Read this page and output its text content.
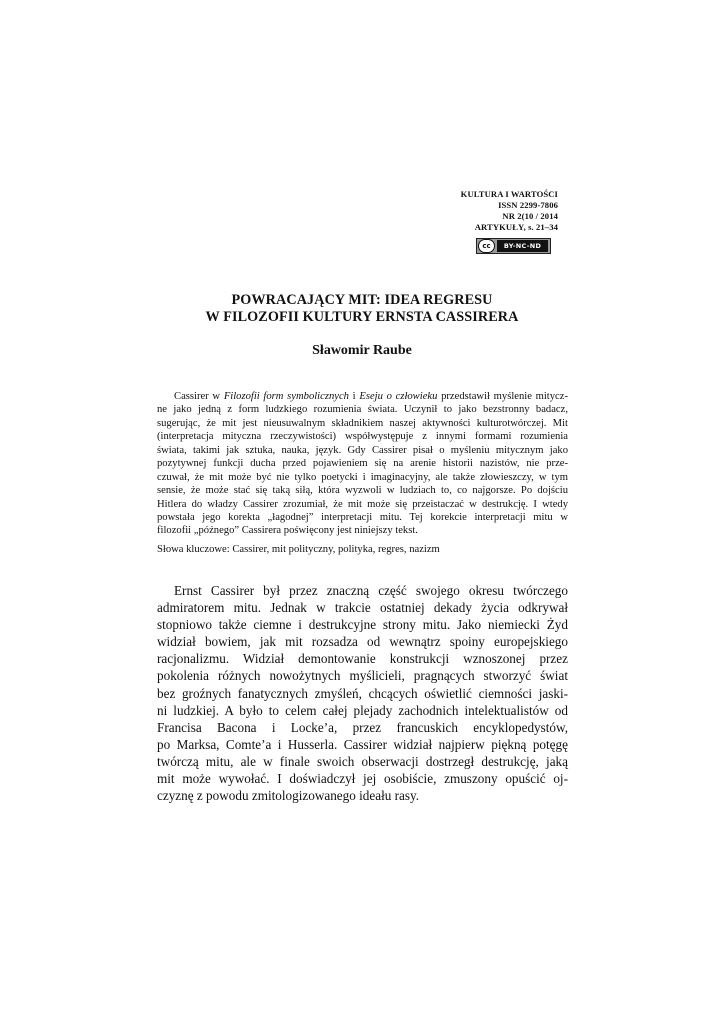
KULTURA I WARTOŚCI
ISSN 2299-7806
NR 2(10 / 2014
ARTYKUŁY, s. 21–34
cc	BY-NC-ND
POWRACAJĄCY MIT: IDEA REGRESU
W FILOZOFII KULTURY ERNSTA CASSIRERA
Sławomir Raube
Cassirer w Filozofii form symbolicznych i Eseju o człowieku przedstawił myślenie mitycz-
ne jako jedną z form ludzkiego rozumienia świata. Uczynił to jako bezstronny badacz,
sugerując, że mit jest nieusuwalnym składnikiem naszej aktywności kulturotwórczej. Mit
(interpretacja mityczna rzeczywistości) współwystępuje z innymi formami rozumienia
świata, takimi jak sztuka, nauka, język. Gdy Cassirer pisał o myśleniu mitycznym jako
pozytywnej funkcji ducha przed pojawieniem się na arenie historii nazistów, nie prze-
czuwał, że mit może być nie tylko poetycki i imaginacyjny, ale także złowieszczy, w tym
sensie, że może stać się taką siłą, która wyzwoli w ludziach to, co najgorsze. Po dojściu
Hitlera do władzy Cassirer zrozumiał, że mit może się przeistaczać w destrukcję. I wtedy
powstała jego korekta „łagodnej” interpretacji mitu. Tej korekcie interpretacji mitu w
filozofii „późnego” Cassirera poświęcony jest niniejszy tekst.
Słowa kluczowe: Cassirer, mit polityczny, polityka, regres, nazizm
Ernst Cassirer był przez znaczną część swojego okresu twórczego
admiratorem mitu. Jednak w trakcie ostatniej dekady życia odkrywał
stopniowo także ciemne i destrukcyjne strony mitu. Jako niemiecki Żyd
widział bowiem, jak mit rozsadza od wewnątrz spoiny europejskiego
racjonalizmu. Widział demontowanie konstrukcji wznoszonej przez
pokolenia różnych nowożytnych myślicieli, pragnących stworzyć świat
bez groźnych fanatycznych zmyśleń, chcących oświetlić ciemności jaski-
ni ludzkiej. A było to celem całej plejady zachodnich intelektualistów od
Francisa Bacona i Locke’a, przez francuskich encyklopedystów,
po Marksa, Comte’a i Husserla. Cassirer widział najpierw piękną potęgę
twórczą mitu, ale w finale swoich obserwacji dostrzegł destrukcję, jaką
mit może wywołać. I doświadczył jej osobiście, zmuszony opuścić oj-
czyznę z powodu zmitologizowanego ideału rasy.
